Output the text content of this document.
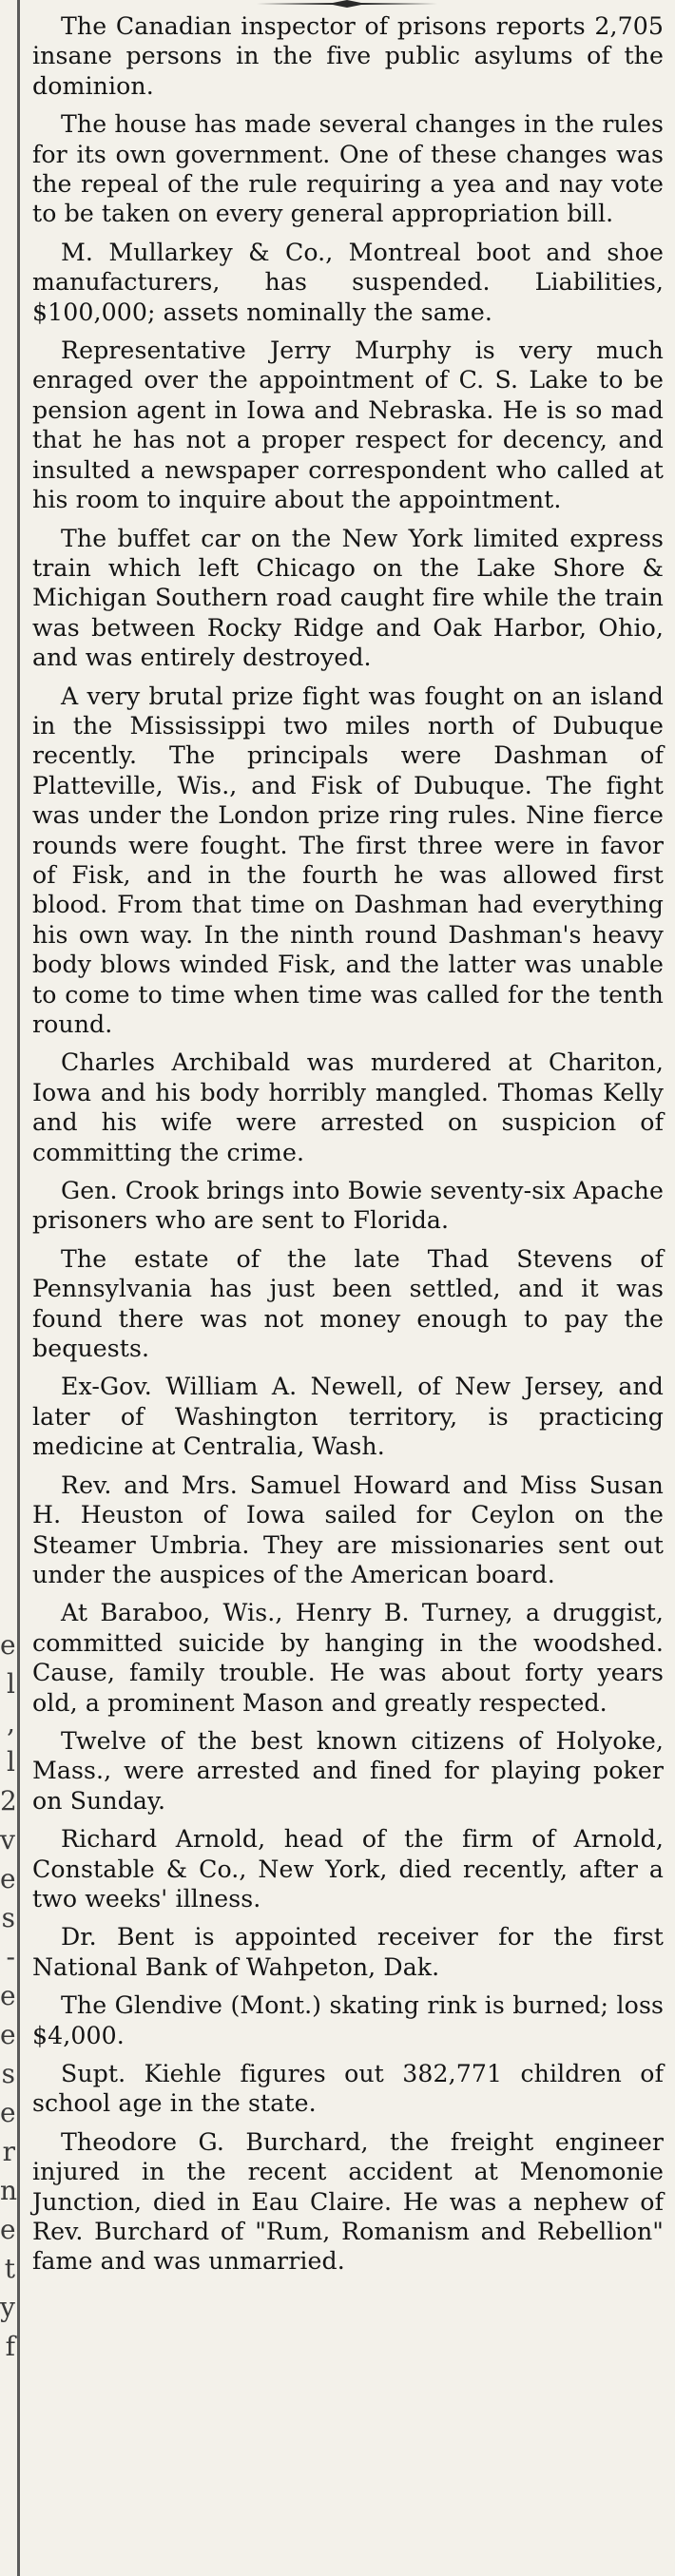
e
l
,
l
2
v
e
s
-
e
e
s
e
r
n
e
t
y
f

The Canadian inspector of prisons reports 2,705 insane persons in the five public asylums of the dominion.

The house has made several changes in the rules for its own government. One of these changes was the repeal of the rule requiring a yea and nay vote to be taken on every general appropriation bill.

M. Mullarkey & Co., Montreal boot and shoe manufacturers, has suspended. Liabilities, $100,000; assets nominally the same.

Representative Jerry Murphy is very much enraged over the appointment of C. S. Lake to be pension agent in Iowa and Nebraska. He is so mad that he has not a proper respect for decency, and insulted a newspaper correspondent who called at his room to inquire about the appointment.

The buffet car on the New York limited express train which left Chicago on the Lake Shore & Michigan Southern road caught fire while the train was between Rocky Ridge and Oak Harbor, Ohio, and was entirely destroyed.

A very brutal prize fight was fought on an island in the Mississippi two miles north of Dubuque recently. The principals were Dashman of Platteville, Wis., and Fisk of Dubuque. The fight was under the London prize ring rules. Nine fierce rounds were fought. The first three were in favor of Fisk, and in the fourth he was allowed first blood. From that time on Dashman had everything his own way. In the ninth round Dashman's heavy body blows winded Fisk, and the latter was unable to come to time when time was called for the tenth round.

Charles Archibald was murdered at Chariton, Iowa and his body horribly mangled. Thomas Kelly and his wife were arrested on suspicion of committing the crime.

Gen. Crook brings into Bowie seventy-six Apache prisoners who are sent to Florida.

The estate of the late Thad Stevens of Pennsylvania has just been settled, and it was found there was not money enough to pay the bequests.

Ex-Gov. William A. Newell, of New Jersey, and later of Washington territory, is practicing medicine at Centralia, Wash.

Rev. and Mrs. Samuel Howard and Miss Susan H. Heuston of Iowa sailed for Ceylon on the Steamer Umbria. They are missionaries sent out under the auspices of the American board.

At Baraboo, Wis., Henry B. Turney, a druggist, committed suicide by hanging in the woodshed. Cause, family trouble. He was about forty years old, a prominent Mason and greatly respected.

Twelve of the best known citizens of Holyoke, Mass., were arrested and fined for playing poker on Sunday.

Richard Arnold, head of the firm of Arnold, Constable & Co., New York, died recently, after a two weeks' illness.

Dr. Bent is appointed receiver for the first National Bank of Wahpeton, Dak.

The Glendive (Mont.) skating rink is burned; loss $4,000.

Supt. Kiehle figures out 382,771 children of school age in the state.

Theodore G. Burchard, the freight engineer injured in the recent accident at Menomonie Junction, died in Eau Claire. He was a nephew of Rev. Burchard of "Rum, Romanism and Rebellion" fame and was unmarried.
